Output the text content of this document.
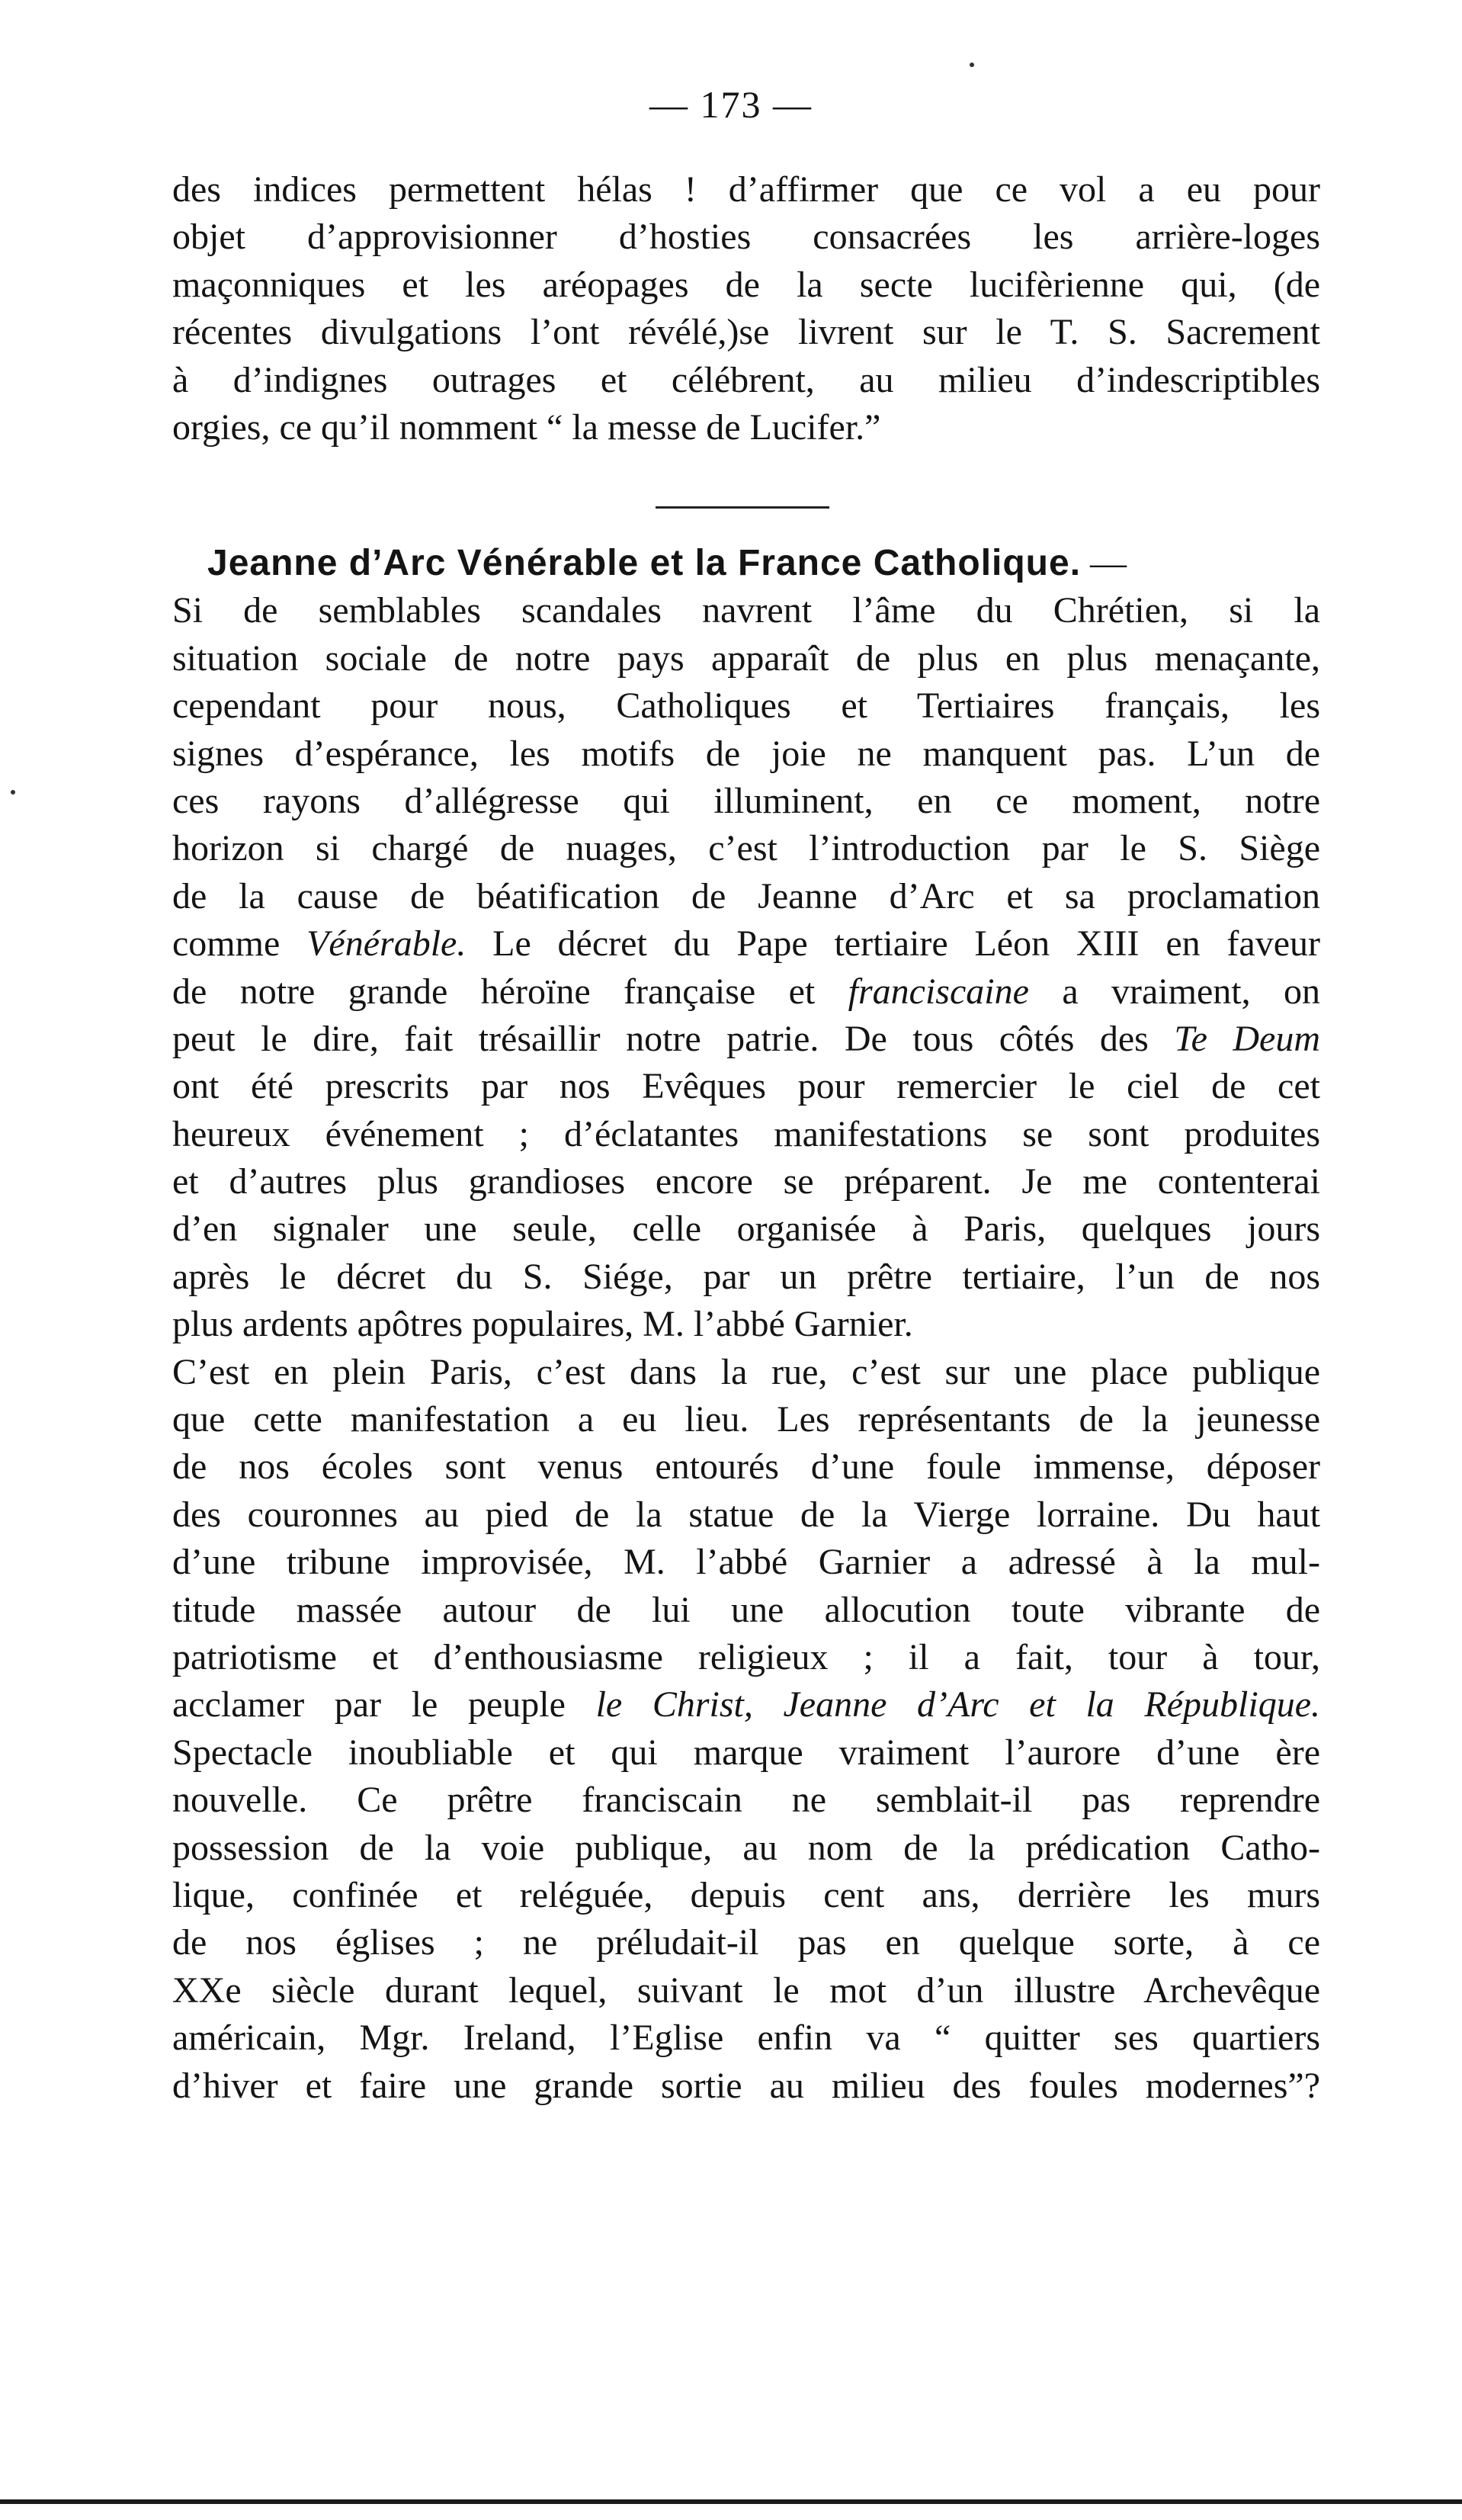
— 173 —
des indices permettent hélas ! d’affirmer que ce vol a eu pour
objet d’approvisionner d’hosties consacrées les arrière-loges
maçonniques et les aréopages de la secte lucifèrienne qui, (de
récentes divulgations l’ont révélé,)se livrent sur le T. S. Sacrement
à d’indignes outrages et célébrent, au milieu d’indescriptibles
orgies, ce qu’il nomment “ la messe de Lucifer.”
Jeanne d’Arc Vénérable et la France Catholique. —
Si de semblables scandales navrent l’âme du Chrétien, si la
situation sociale de notre pays apparaît de plus en plus menaçante,
cependant pour nous, Catholiques et Tertiaires français, les
signes d’espérance, les motifs de joie ne manquent pas. L’un de
ces rayons d’allégresse qui illuminent, en ce moment, notre
horizon si chargé de nuages, c’est l’introduction par le S. Siège
de la cause de béatification de Jeanne d’Arc et sa proclamation
comme Vénérable. Le décret du Pape tertiaire Léon XIII en faveur
de notre grande héroïne française et franciscaine a vraiment, on
peut le dire, fait trésaillir notre patrie. De tous côtés des Te Deum
ont été prescrits par nos Evêques pour remercier le ciel de cet
heureux événement ; d’éclatantes manifestations se sont produites
et d’autres plus grandioses encore se préparent. Je me contenterai
d’en signaler une seule, celle organisée à Paris, quelques jours
après le décret du S. Siége, par un prêtre tertiaire, l’un de nos
plus ardents apôtres populaires, M. l’abbé Garnier.
C’est en plein Paris, c’est dans la rue, c’est sur une place publique
que cette manifestation a eu lieu. Les représentants de la jeunesse
de nos écoles sont venus entourés d’une foule immense, déposer
des couronnes au pied de la statue de la Vierge lorraine. Du haut
d’une tribune improvisée, M. l’abbé Garnier a adressé à la mul-
titude massée autour de lui une allocution toute vibrante de
patriotisme et d’enthousiasme religieux ; il a fait, tour à tour,
acclamer par le peuple le Christ, Jeanne d’Arc et la République.
Spectacle inoubliable et qui marque vraiment l’aurore d’une ère
nouvelle. Ce prêtre franciscain ne semblait-il pas reprendre
possession de la voie publique, au nom de la prédication Catho-
lique, confinée et reléguée, depuis cent ans, derrière les murs
de nos églises ; ne préludait-il pas en quelque sorte, à ce
XXe siècle durant lequel, suivant le mot d’un illustre Archevêque
américain, Mgr. Ireland, l’Eglise enfin va “ quitter ses quartiers
d’hiver et faire une grande sortie au milieu des foules modernes”?
